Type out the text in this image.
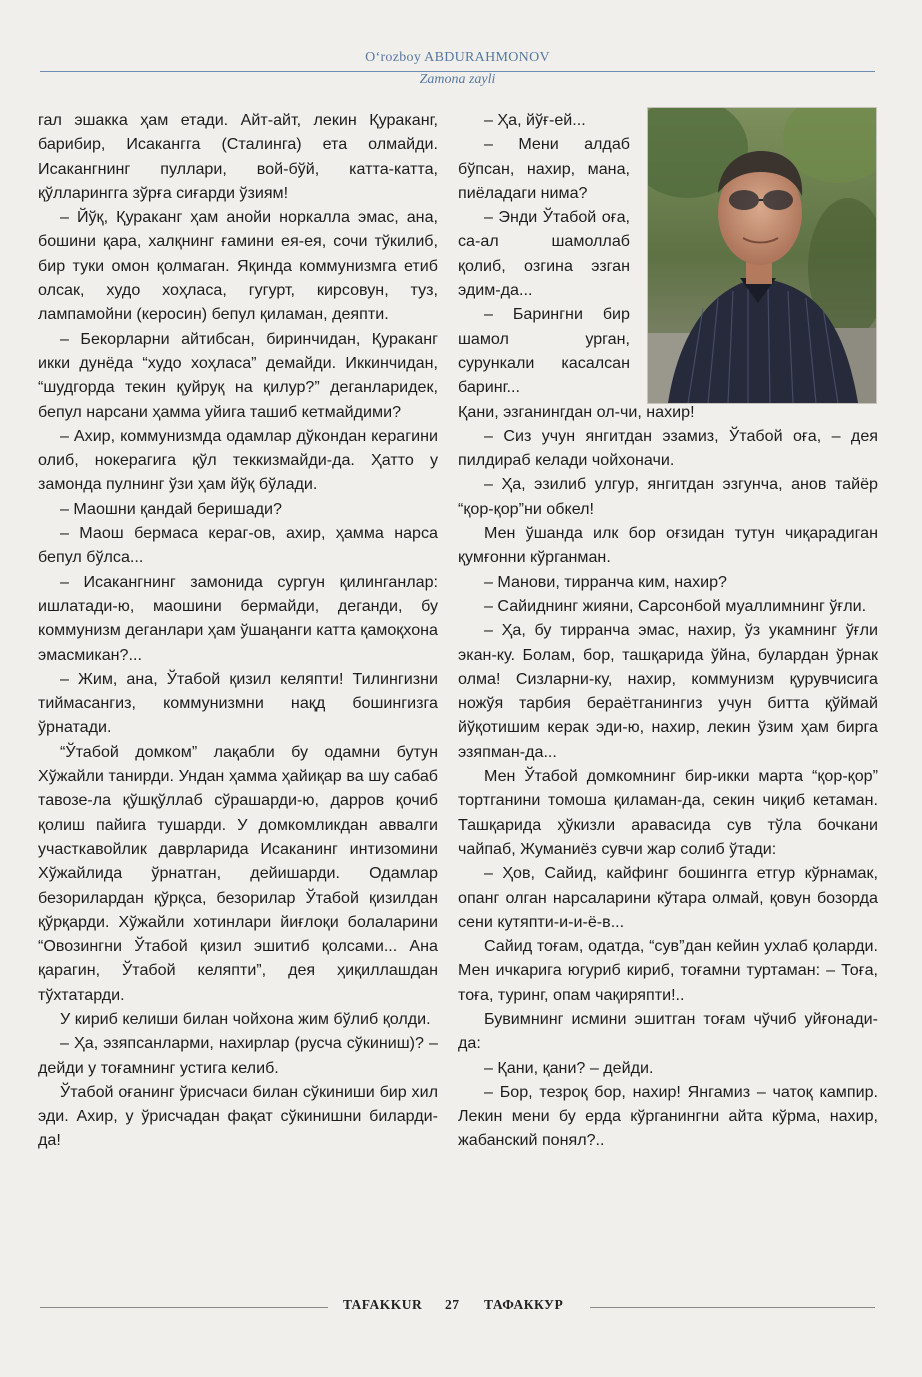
O‘rozboy ABDURAHMONOV
Zamona zayli

гал эшакка ҳам етади. Айт-айт, лекин Қураканг, барибир, Исакангга (Сталинга) ета олмайди. Исакангнинг пуллари, вой-бўй, катта-катта, қўлларингга зўрға сиғарди ўзиям!

– Йўқ, Қураканг ҳам анойи норкалла эмас, ана, бошини қара, халқнинг ғамини ея-ея, сочи тўкилиб, бир туки омон қолмаган. Яқинда коммунизмга етиб олсак, худо хоҳласа, гугурт, кирсовун, туз, лампамойни (керосин) бепул қиламан, деяпти.

– Бекорларни айтибсан, биринчидан, Қураканг икки дунёда “худо хоҳласа” демайди. Иккинчидан, “шудгорда текин қуйруқ на қилур?” деганларидек, бепул нарсани ҳамма уйига ташиб кетмайдими?

– Ахир, коммунизмда одамлар дўкондан керагини олиб, нокерагига қўл теккизмайди-да. Ҳатто у замонда пулнинг ўзи ҳам йўқ бўлади.

– Маошни қандай беришади?

– Маош бермаса кераг-ов, ахир, ҳамма нарса бепул бўлса...

– Исакангнинг замонида сургун қилинганлар: ишлатади-ю, маошини бермайди, деганди, бу коммунизм деганлари ҳам ўшаңанги катта қамоқхона эмасмикан?...

– Жим, ана, Ўтабой қизил келяпти! Тилингизни тиймасангиз, коммунизмни нақд бошингизга ўрнатади.

“Ўтабой домком” лақабли бу одамни бутун Хўжайли танирди. Ундан ҳамма ҳайиқар ва шу сабаб тавозе-ла қўшқўллаб сўрашарди-ю, дарров қочиб қолиш пайига тушарди. У домкомликдан аввалги участкавойлик даврларида Исаканинг интизомини Хўжайлида ўрнатган, дейишарди. Одамлар безорилардан қўрқса, безорилар Ўтабой қизилдан қўрқарди. Хўжайли хотинлари йиғлоқи болаларини “Овозингни Ўтабой қизил эшитиб қолсами... Ана қарагин, Ўтабой келяпти”, дея ҳиқиллашдан тўхтатарди.

У кириб келиши билан чойхона жим бўлиб қолди.

– Ҳа, эзяпсанларми, нахирлар (русча сўкиниш)? – дейди у тоғамнинг устига келиб.

Ўтабой оғанинг ўрисчаси билан сўкиниши бир хил эди. Ахир, у ўрисчадан фақат сўкинишни биларди-да!

– Ҳа, йўғ-ей...

– Мени алдаб бўпсан, нахир, мана, пиёладаги нима?

– Энди Ўтабой оға, са-ал шамоллаб қолиб, озгина эзган эдим-да...

– Барингни бир шамол урган, сурункали касалсан баринг...

Қани, эзганингдан ол-чи, нахир!

– Сиз учун янгитдан эзамиз, Ўтабой оға, – дея пилдираб келади чойхоначи.

– Ҳа, эзилиб улгур, янгитдан эзгунча, анов тайёр “қор-қор”ни обкел!

Мен ўшанда илк бор оғзидан тутун чиқарадиган қумғонни кўрганман.

– Манови, тирранча ким, нахир?

– Сайиднинг жияни, Сарсонбой муаллимнинг ўғли.

– Ҳа, бу тирранча эмас, нахир, ўз укамнинг ўғли экан-ку. Болам, бор, ташқарида ўйна, булардан ўрнак олма! Сизларни-ку, нахир, коммунизм қурувчисига ножўя тарбия бераётганингиз учун битта қўймай йўқотишим керак эди-ю, нахир, лекин ўзим ҳам бирга эзяпман-да...

Мен Ўтабой домкомнинг бир-икки марта “қор-қор” тортганини томоша қиламан-да, секин чиқиб кетаман. Ташқарида ҳўкизли аравасида сув тўла бочкани чайпаб, Жуманиёз сувчи жар солиб ўтади:

– Ҳов, Сайид, кайфинг бошингга етгур кўрнамак, опанг олган нарсаларини кўтара олмай, қовун бозорда сени кутяпти-и-и-ё-в...

Сайид тоғам, одатда, “сув”дан кейин ухлаб қоларди. Мен ичкарига югуриб кириб, тоғамни туртаман: – Тоға, тоға, туринг, опам чақиряпти!..

Бувимнинг исмини эшитган тоғам чўчиб уйғонади-да:

– Қани, қани? – дейди.

– Бор, тезроқ бор, нахир! Янгамиз – чатоқ кампир. Лекин мени бу ерда кўрганингни айта кўрма, нахир, жабанский понял?..

TAFAKKUR 27 ТАФАККУР
